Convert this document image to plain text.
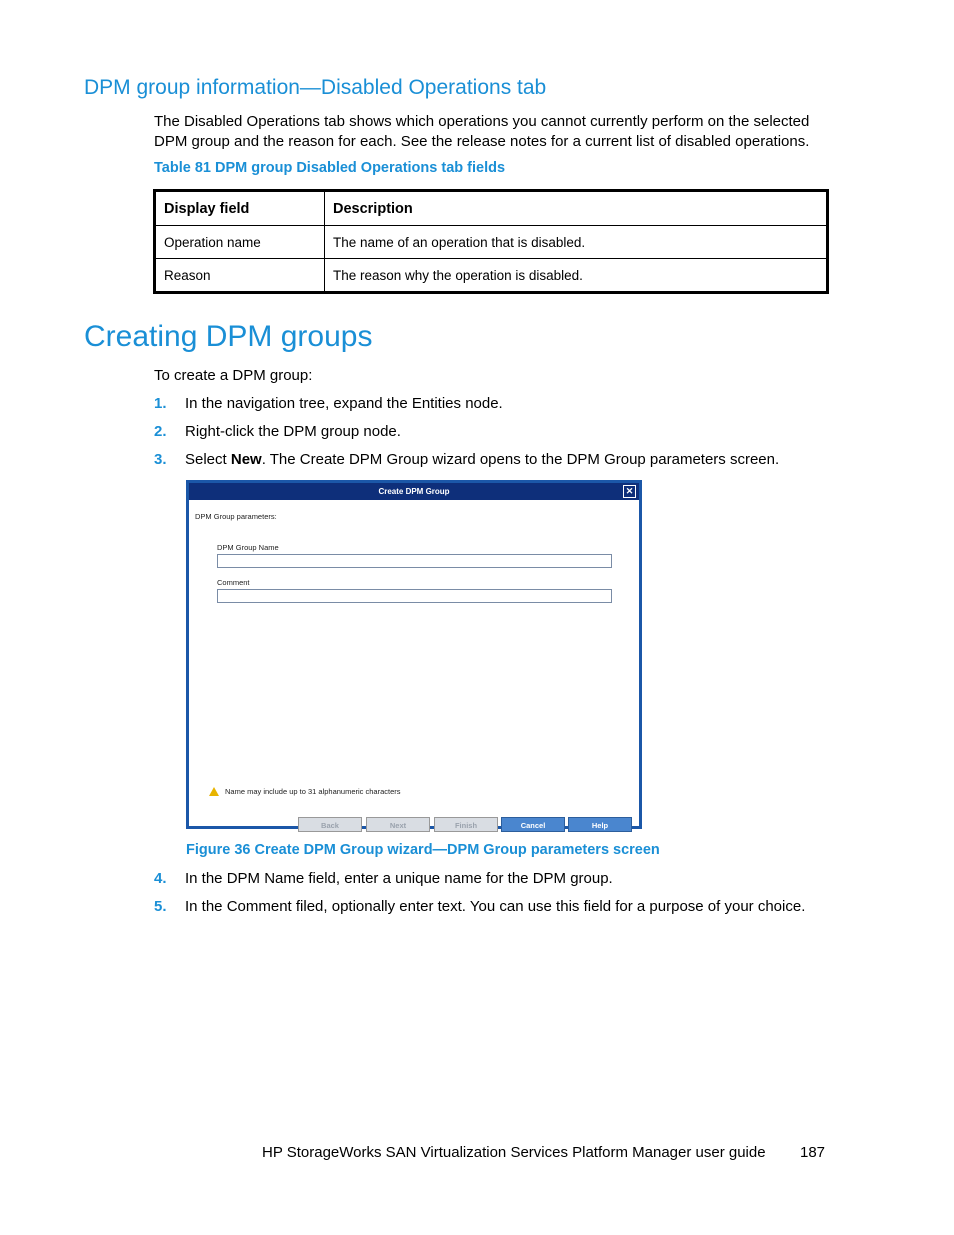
DPM group information—Disabled Operations tab
The Disabled Operations tab shows which operations you cannot currently perform on the selected DPM group and the reason for each. See the release notes for a current list of disabled operations.
Table 81 DPM group Disabled Operations tab fields
Display field	Description
Operation name	The name of an operation that is disabled.
Reason	The reason why the operation is disabled.
Creating DPM groups
To create a DPM group:
1. In the navigation tree, expand the Entities node.
2. Right-click the DPM group node.
3. Select New. The Create DPM Group wizard opens to the DPM Group parameters screen.
Create DPM Group	✕
DPM Group parameters:
DPM Group Name
Comment
Name may include up to 31 alphanumeric characters
Back	Next	Finish	Cancel	Help
Figure 36 Create DPM Group wizard—DPM Group parameters screen
4. In the DPM Name field, enter a unique name for the DPM group.
5. In the Comment filed, optionally enter text. You can use this field for a purpose of your choice.
HP StorageWorks SAN Virtualization Services Platform Manager user guide 187
